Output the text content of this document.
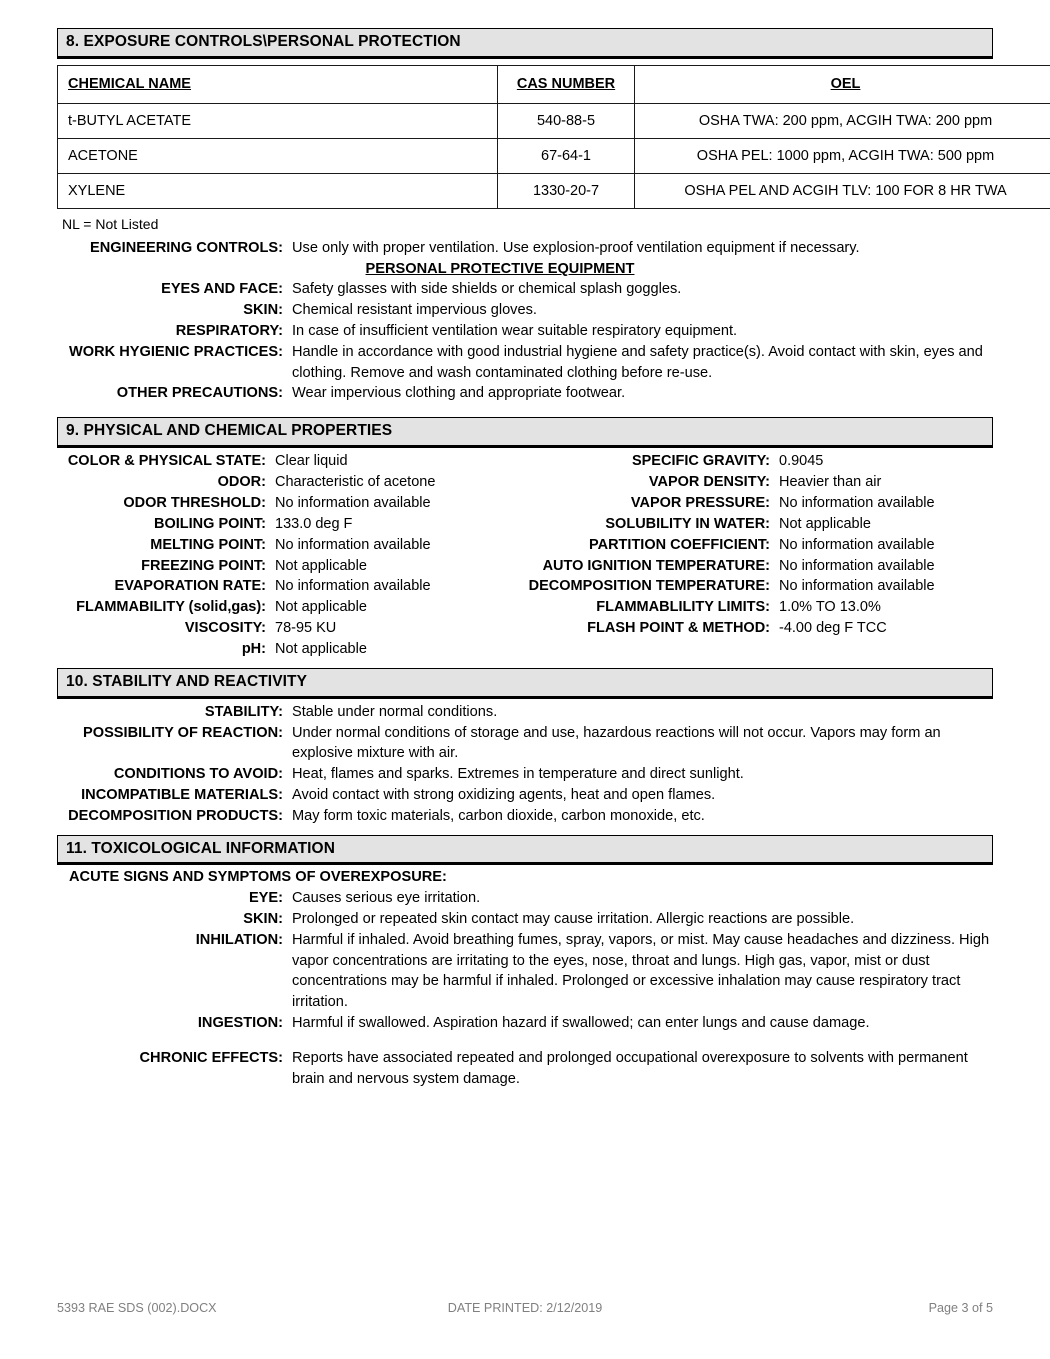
8. EXPOSURE CONTROLS\PERSONAL PROTECTION
CHEMICAL NAME	CAS NUMBER	OEL
t-BUTYL ACETATE	540-88-5	OSHA TWA: 200 ppm, ACGIH TWA: 200 ppm
ACETONE	67-64-1	OSHA PEL: 1000 ppm, ACGIH TWA: 500 ppm
XYLENE	1330-20-7	OSHA PEL AND ACGIH TLV: 100 FOR 8 HR TWA
NL = Not Listed
ENGINEERING CONTROLS: Use only with proper ventilation. Use explosion-proof ventilation equipment if necessary.
PERSONAL PROTECTIVE EQUIPMENT
EYES AND FACE: Safety glasses with side shields or chemical splash goggles.
SKIN: Chemical resistant impervious gloves.
RESPIRATORY: In case of insufficient ventilation wear suitable respiratory equipment.
WORK HYGIENIC PRACTICES: Handle in accordance with good industrial hygiene and safety practice(s). Avoid contact with skin, eyes and clothing. Remove and wash contaminated clothing before re-use.
OTHER PRECAUTIONS: Wear impervious clothing and appropriate footwear.
9. PHYSICAL AND CHEMICAL PROPERTIES
COLOR & PHYSICAL STATE: Clear liquid
ODOR: Characteristic of acetone
ODOR THRESHOLD: No information available
BOILING POINT: 133.0 deg F
MELTING POINT: No information available
FREEZING POINT: Not applicable
EVAPORATION RATE: No information available
FLAMMABILITY (solid,gas): Not applicable
VISCOSITY: 78-95 KU
pH: Not applicable
SPECIFIC GRAVITY: 0.9045
VAPOR DENSITY: Heavier than air
VAPOR PRESSURE: No information available
SOLUBILITY IN WATER: Not applicable
PARTITION COEFFICIENT: No information available
AUTO IGNITION TEMPERATURE: No information available
DECOMPOSITION TEMPERATURE: No information available
FLAMMABLILITY LIMITS: 1.0% TO 13.0%
FLASH POINT & METHOD: -4.00 deg F TCC
10. STABILITY AND REACTIVITY
STABILITY: Stable under normal conditions.
POSSIBILITY OF REACTION: Under normal conditions of storage and use, hazardous reactions will not occur. Vapors may form an explosive mixture with air.
CONDITIONS TO AVOID: Heat, flames and sparks. Extremes in temperature and direct sunlight.
INCOMPATIBLE MATERIALS: Avoid contact with strong oxidizing agents, heat and open flames.
DECOMPOSITION PRODUCTS: May form toxic materials, carbon dioxide, carbon monoxide, etc.
11. TOXICOLOGICAL INFORMATION
ACUTE SIGNS AND SYMPTOMS OF OVEREXPOSURE:
EYE: Causes serious eye irritation.
SKIN: Prolonged or repeated skin contact may cause irritation. Allergic reactions are possible.
INHILATION: Harmful if inhaled. Avoid breathing fumes, spray, vapors, or mist. May cause headaches and dizziness. High vapor concentrations are irritating to the eyes, nose, throat and lungs. High gas, vapor, mist or dust concentrations may be harmful if inhaled. Prolonged or excessive inhalation may cause respiratory tract irritation.
INGESTION: Harmful if swallowed. Aspiration hazard if swallowed; can enter lungs and cause damage.
CHRONIC EFFECTS: Reports have associated repeated and prolonged occupational overexposure to solvents with permanent brain and nervous system damage.
5393 RAE SDS (002).DOCX	DATE PRINTED: 2/12/2019	Page 3 of 5
